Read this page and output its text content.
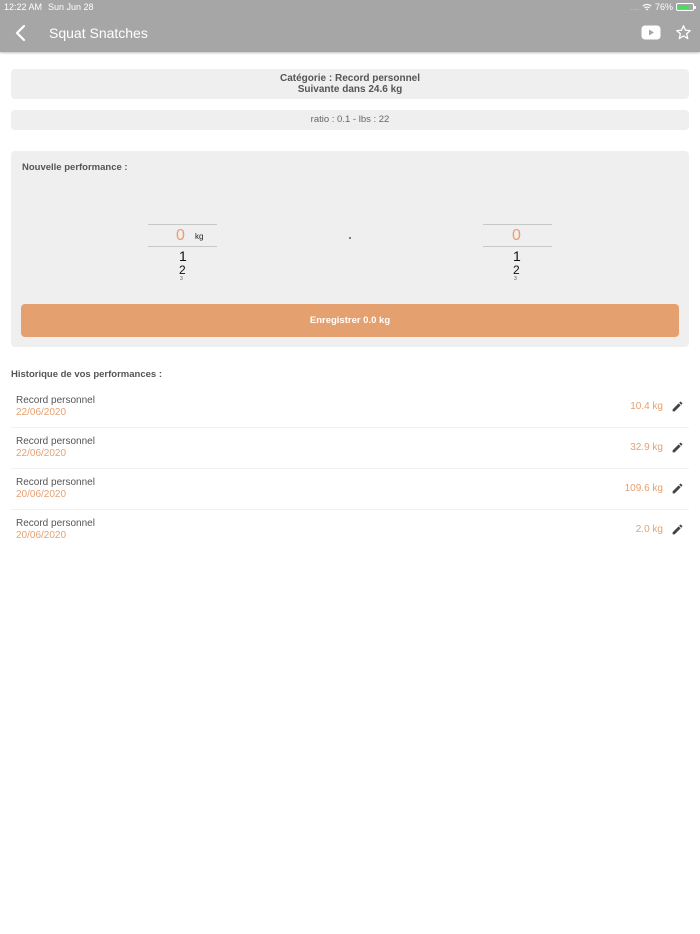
12:22 AM Sun Jun 28	.... 76%
Squat Snatches
Catégorie : Record personnel
Suivante dans 24.6 kg
ratio : 0.1 - lbs : 22
Nouvelle performance :
0 kg
1
2
3
0
1
2
3
Enregistrer 0.0 kg
Historique de vos performances :
Record personnel
22/06/2020
10.4 kg
Record personnel
22/06/2020
32.9 kg
Record personnel
20/06/2020
109.6 kg
Record personnel
20/06/2020
2.0 kg
